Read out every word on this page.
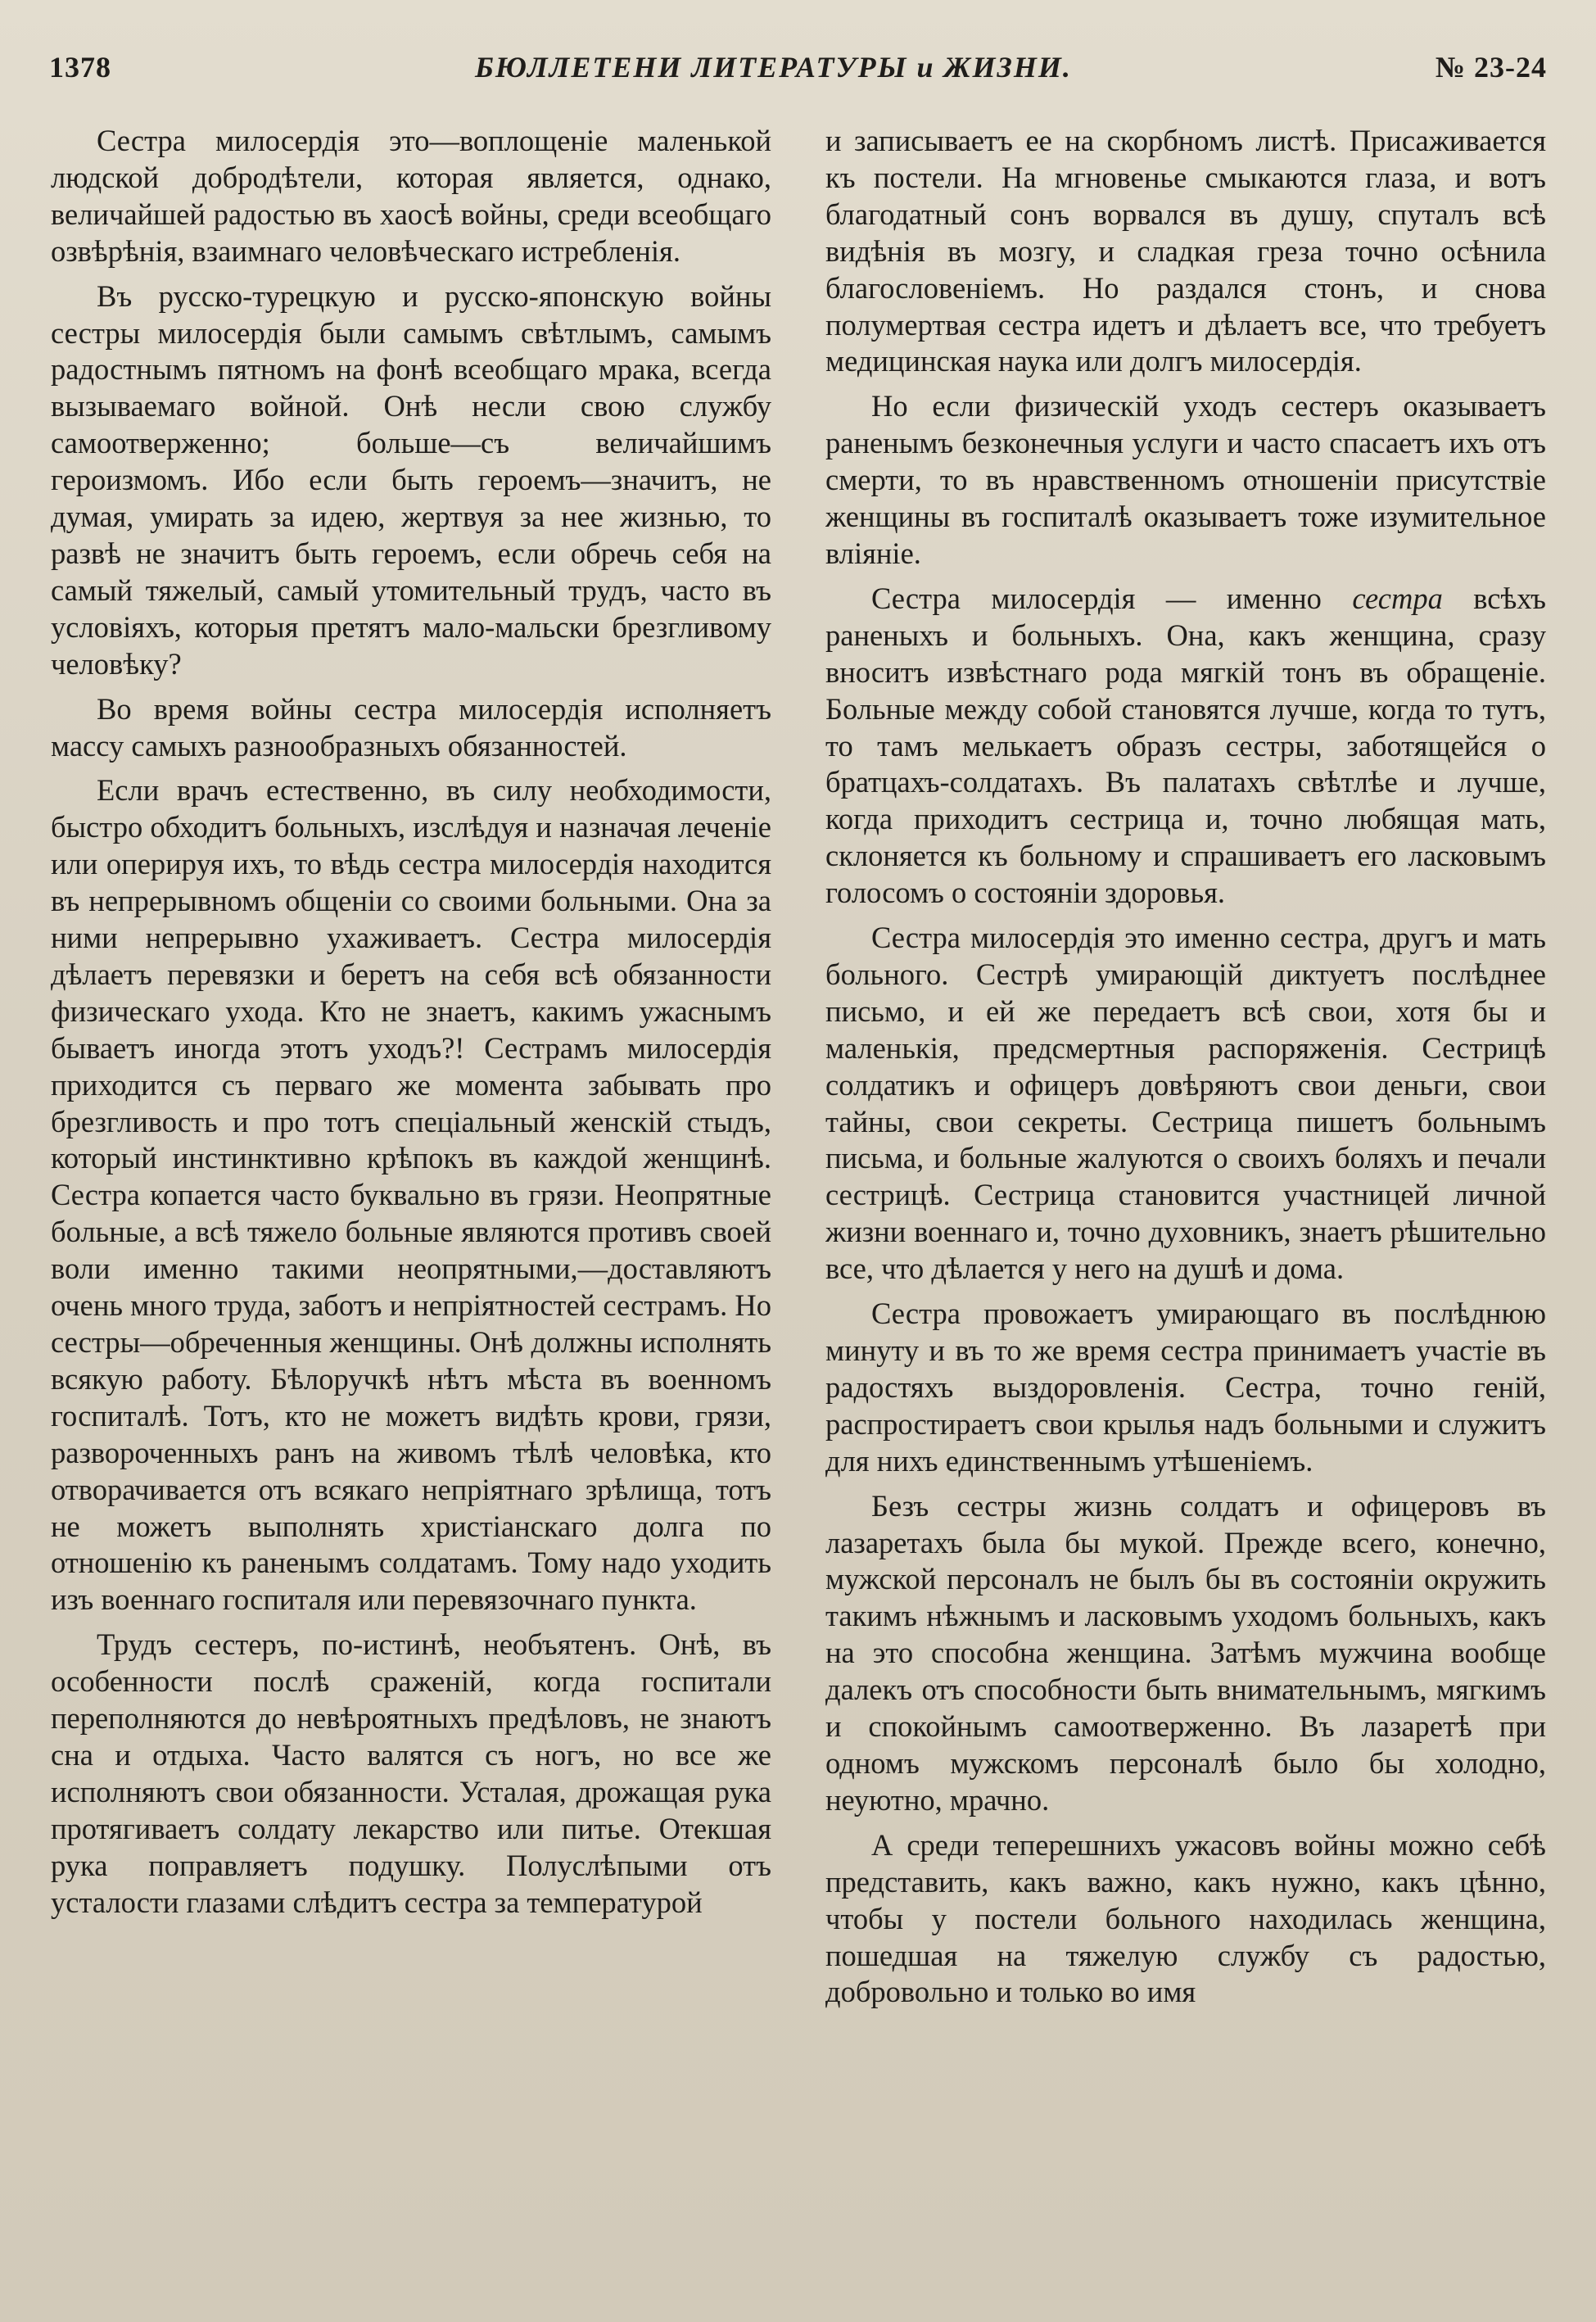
1378	БЮЛЛЕТЕНИ ЛИТЕРАТУРЫ и ЖИЗНИ.	№ 23-24

Сестра милосердія это—воплощеніе маленькой людской добродѣтели, которая является, однако, величайшей радостью въ хаосѣ войны, среди всеобщаго озвѣрѣнія, взаимнаго человѣческаго истребленія.

Въ русско-турецкую и русско-японскую войны сестры милосердія были самымъ свѣтлымъ, самымъ радостнымъ пятномъ на фонѣ всеобщаго мрака, всегда вызываемаго войной. Онѣ несли свою службу самоотверженно; больше—съ величайшимъ героизмомъ. Ибо если быть героемъ—значитъ, не думая, умирать за идею, жертвуя за нее жизнью, то развѣ не значитъ быть героемъ, если обречь себя на самый тяжелый, самый утомительный трудъ, часто въ условіяхъ, которыя претятъ мало-мальски брезгливому человѣку?

Во время войны сестра милосердія исполняетъ массу самыхъ разнообразныхъ обязанностей.

Если врачъ естественно, въ силу необходимости, быстро обходитъ больныхъ, изслѣдуя и назначая леченіе или оперируя ихъ, то вѣдь сестра милосердія находится въ непрерывномъ общеніи со своими больными. Она за ними непрерывно ухаживаетъ. Сестра милосердія дѣлаетъ перевязки и беретъ на себя всѣ обязанности физическаго ухода. Кто не знаетъ, какимъ ужаснымъ бываетъ иногда этотъ уходъ?! Сестрамъ милосердія приходится съ перваго же момента забывать про брезгливость и про тотъ спеціальный женскій стыдъ, который инстинктивно крѣпокъ въ каждой женщинѣ. Сестра копается часто буквально въ грязи. Неопрятные больные, а всѣ тяжело больные являются противъ своей воли именно такими неопрятными,—доставляютъ очень много труда, заботъ и непріятностей сестрамъ. Но сестры—обреченныя женщины. Онѣ должны исполнять всякую работу. Бѣлоручкѣ нѣтъ мѣста въ военномъ госпиталѣ. Тотъ, кто не можетъ видѣть крови, грязи, развороченныхъ ранъ на живомъ тѣлѣ человѣка, кто отворачивается отъ всякаго непріятнаго зрѣлища, тотъ не можетъ выполнять христіанскаго долга по отношенію къ раненымъ солдатамъ. Тому надо уходить изъ военнаго госпиталя или перевязочнаго пункта.

Трудъ сестеръ, по-истинѣ, необъятенъ. Онѣ, въ особенности послѣ сраженій, когда госпитали переполняются до невѣроятныхъ предѣловъ, не знаютъ сна и отдыха. Часто валятся съ ногъ, но все же исполняютъ свои обязанности. Усталая, дрожащая рука протягиваетъ солдату лекарство или питье. Отекшая рука поправляетъ подушку. Полуслѣпыми отъ усталости глазами слѣдитъ сестра за температурой

и записываетъ ее на скорбномъ листѣ. Присаживается къ постели. На мгновенье смыкаются глаза, и вотъ благодатный сонъ ворвался въ душу, спуталъ всѣ видѣнія въ мозгу, и сладкая греза точно осѣнила благословеніемъ. Но раздался стонъ, и снова полумертвая сестра идетъ и дѣлаетъ все, что требуетъ медицинская наука или долгъ милосердія.

Но если физическій уходъ сестеръ оказываетъ раненымъ безконечныя услуги и часто спасаетъ ихъ отъ смерти, то въ нравственномъ отношеніи присутствіе женщины въ госпиталѣ оказываетъ тоже изумительное вліяніе.

Сестра милосердія — именно сестра всѣхъ раненыхъ и больныхъ. Она, какъ женщина, сразу вноситъ извѣстнаго рода мягкій тонъ въ обращеніе. Больные между собой становятся лучше, когда то тутъ, то тамъ мелькаетъ образъ сестры, заботящейся о братцахъ-солдатахъ. Въ палатахъ свѣтлѣе и лучше, когда приходитъ сестрица и, точно любящая мать, склоняется къ больному и спрашиваетъ его ласковымъ голосомъ о состояніи здоровья.

Сестра милосердія это именно сестра, другъ и мать больного. Сестрѣ умирающій диктуетъ послѣднее письмо, и ей же передаетъ всѣ свои, хотя бы и маленькія, предсмертныя распоряженія. Сестрицѣ солдатикъ и офицеръ довѣряютъ свои деньги, свои тайны, свои секреты. Сестрица пишетъ больнымъ письма, и больные жалуются о своихъ боляхъ и печали сестрицѣ. Сестрица становится участницей личной жизни военнаго и, точно духовникъ, знаетъ рѣшительно все, что дѣлается у него на душѣ и дома.

Сестра провожаетъ умирающаго въ послѣднюю минуту и въ то же время сестра принимаетъ участіе въ радостяхъ выздоровленія. Сестра, точно геній, распростираетъ свои крылья надъ больными и служитъ для нихъ единственнымъ утѣшеніемъ.

Безъ сестры жизнь солдатъ и офицеровъ въ лазаретахъ была бы мукой. Прежде всего, конечно, мужской персоналъ не былъ бы въ состояніи окружить такимъ нѣжнымъ и ласковымъ уходомъ больныхъ, какъ на это способна женщина. Затѣмъ мужчина вообще далекъ отъ способности быть внимательнымъ, мягкимъ и спокойнымъ самоотверженно. Въ лазаретѣ при одномъ мужскомъ персоналѣ было бы холодно, неуютно, мрачно.

А среди теперешнихъ ужасовъ войны можно себѣ представить, какъ важно, какъ нужно, какъ цѣнно, чтобы у постели больного находилась женщина, пошедшая на тяжелую службу съ радостью, добровольно и только во имя
